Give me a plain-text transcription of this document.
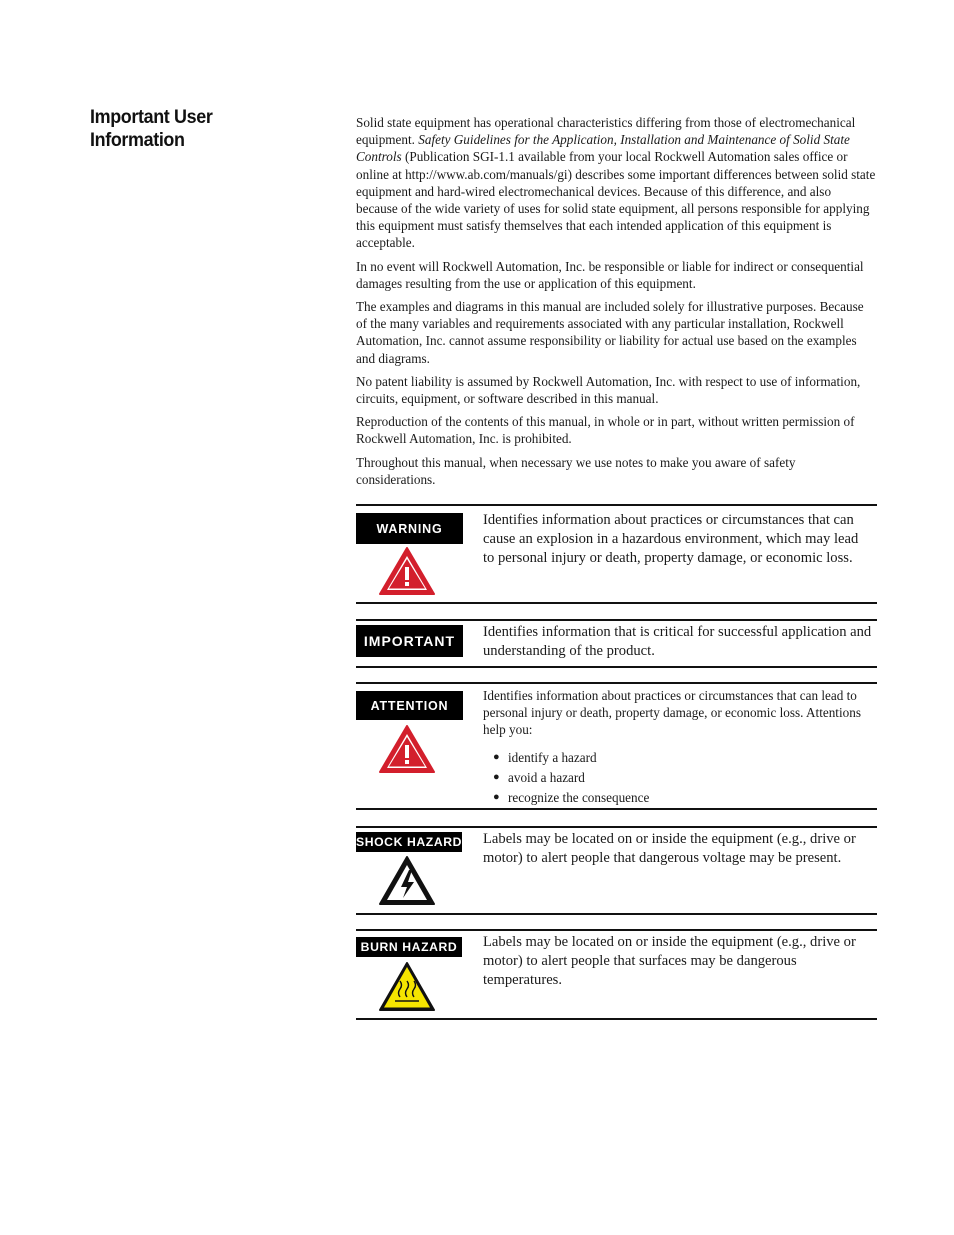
Important User Information

Solid state equipment has operational characteristics differing from those of electromechanical equipment. Safety Guidelines for the Application, Installation and Maintenance of Solid State Controls (Publication SGI-1.1 available from your local Rockwell Automation sales office or online at http://www.ab.com/manuals/gi) describes some important differences between solid state equipment and hard-wired electromechanical devices. Because of this difference, and also because of the wide variety of uses for solid state equipment, all persons responsible for applying this equipment must satisfy themselves that each intended application of this equipment is acceptable.

In no event will Rockwell Automation, Inc. be responsible or liable for indirect or consequential damages resulting from the use or application of this equipment.

The examples and diagrams in this manual are included solely for illustrative purposes. Because of the many variables and requirements associated with any particular installation, Rockwell Automation, Inc. cannot assume responsibility or liability for actual use based on the examples and diagrams.

No patent liability is assumed by Rockwell Automation, Inc. with respect to use of information, circuits, equipment, or software described in this manual.

Reproduction of the contents of this manual, in whole or in part, without written permission of Rockwell Automation, Inc. is prohibited.

Throughout this manual, when necessary we use notes to make you aware of safety considerations.

WARNING
Identifies information about practices or circumstances that can cause an explosion in a hazardous environment, which may lead to personal injury or death, property damage, or economic loss.
IMPORTANT
Identifies information that is critical for successful application and understanding of the product.
ATTENTION
Identifies information about practices or circumstances that can lead to personal injury or death, property damage, or economic loss. Attentions help you:
● identify a hazard
● avoid a hazard
● recognize the consequence
SHOCK HAZARD Labels may be located on or inside the equipment (e.g., drive or motor) to alert people that dangerous voltage may be present.
BURN HAZARD	Labels may be located on or inside the equipment (e.g., drive or motor) to alert people that surfaces may be dangerous temperatures.
